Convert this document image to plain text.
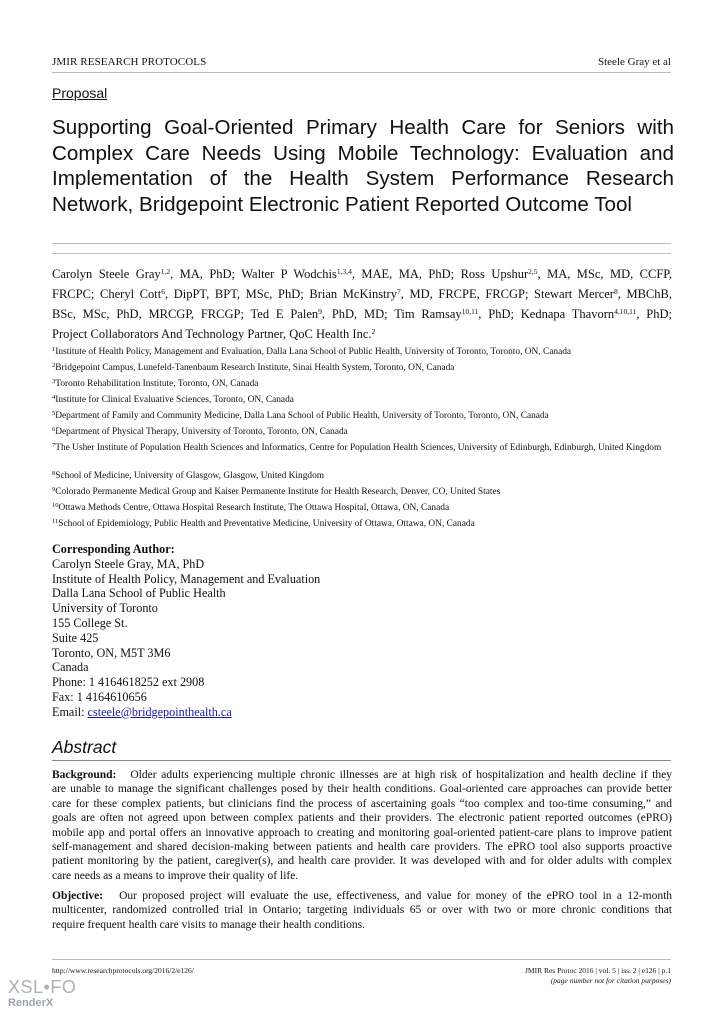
JMIR RESEARCH PROTOCOLS	Steele Gray et al
Proposal
Supporting Goal-Oriented Primary Health Care for Seniors with
Complex Care Needs Using Mobile Technology: Evaluation and
Implementation of the Health System Performance Research
Network, Bridgepoint Electronic Patient Reported Outcome Tool
Carolyn Steele Gray$^{1,2}$, MA, PhD; Walter P Wodchis$^{1,3,4}$, MAE, MA, PhD; Ross Upshur$^{2,5}$, MA, MSc, MD, CCFP,
FRCPC; Cheryl Cott$^6$, DipPT, BPT, MSc, PhD; Brian McKinstry$^7$, MD, FRCPE, FRCGP; Stewart Mercer$^8$, MBChB,
BSc, MSc, PhD, MRCGP, FRCGP; Ted E Palen$^9$, PhD, MD; Tim Ramsay$^{10,11}$, PhD; Kednapa Thavorn$^{4,10,11}$, PhD;
Project Collaborators And Technology Partner, QoC Health Inc.$^2$
$^1$Institute of Health Policy, Management and Evaluation, Dalla Lana School of Public Health, University of Toronto, Toronto, ON, Canada
$^2$Bridgepoint Campus, Lunefeld-Tanenbaum Research Institute, Sinai Health System, Toronto, ON, Canada
$^3$Toronto Rehabilitation Institute, Toronto, ON, Canada
$^4$Institute for Clinical Evaluative Sciences, Toronto, ON, Canada
$^5$Department of Family and Community Medicine, Dalla Lana School of Public Health, University of Toronto, Toronto, ON, Canada
$^6$Department of Physical Therapy, University of Toronto, Toronto, ON, Canada
$^7$The Usher Institute of Population Health Sciences and Informatics, Centre for Population Health Sciences, University of Edinburgh, Edinburgh, United Kingdom
$^8$School of Medicine, University of Glasgow, Glasgow, United Kingdom
$^9$Colorado Permanente Medical Group and Kaiser Permanente Institute for Health Research, Denver, CO, United States
$^{10}$Ottawa Methods Centre, Ottawa Hospital Research Institute, The Ottawa Hospital, Ottawa, ON, Canada
$^{11}$School of Epidemiology, Public Health and Preventative Medicine, University of Ottawa, Ottawa, ON, Canada
Corresponding Author:
Carolyn Steele Gray, MA, PhD
Institute of Health Policy, Management and Evaluation
Dalla Lana School of Public Health
University of Toronto
155 College St.
Suite 425
Toronto, ON, M5T 3M6
Canada
Phone: 1 4164618252 ext 2908
Fax: 1 4164610656
Email: csteele@bridgepointhealth.ca
Abstract
Background: Older adults experiencing multiple chronic illnesses are at high risk of hospitalization and health decline if they
are unable to manage the significant challenges posed by their health conditions. Goal-oriented care approaches can provide better
care for these complex patients, but clinicians find the process of ascertaining goals “too complex and too-time consuming,” and
goals are often not agreed upon between complex patients and their providers. The electronic patient reported outcomes (ePRO)
mobile app and portal offers an innovative approach to creating and monitoring goal-oriented patient-care plans to improve patient
self-management and shared decision-making between patients and health care providers. The ePRO tool also supports proactive
patient monitoring by the patient, caregiver(s), and health care provider. It was developed with and for older adults with complex
care needs as a means to improve their quality of life.
Objective: Our proposed project will evaluate the use, effectiveness, and value for money of the ePRO tool in a 12-month
multicenter, randomized controlled trial in Ontario; targeting individuals 65 or over with two or more chronic conditions that
require frequent health care visits to manage their health conditions.
http://www.researchprotocols.org/2016/2/e126/	JMIR Res Protoc 2016 | vol. 5 | iss. 2 | e126 | p.1
(page number not for citation purposes)
XSL•FO
RenderX
